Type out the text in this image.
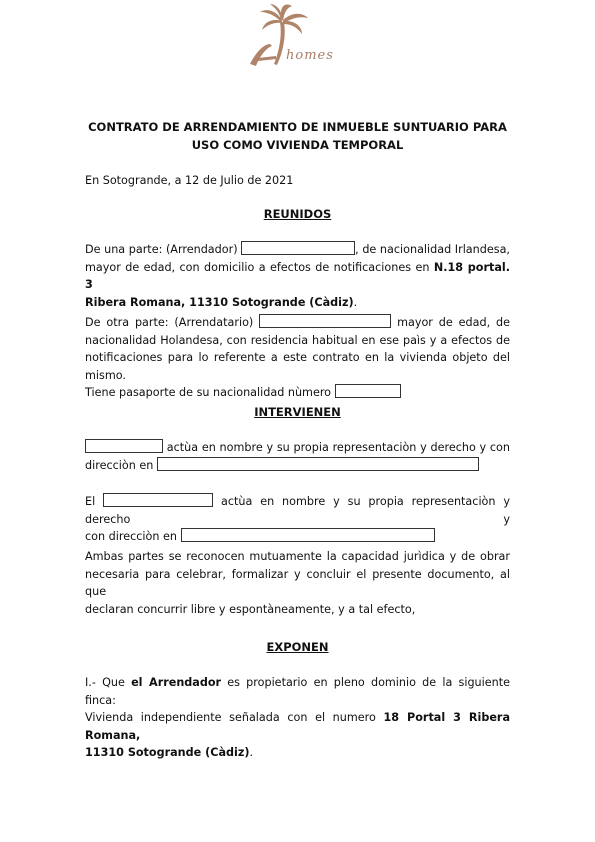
homes
CONTRATO DE ARRENDAMIENTO DE INMUEBLE SUNTUARIO PARA
USO COMO VIVIENDA TEMPORAL
En Sotogrande, a 12 de Julio de 2021
REUNIDOS
De una parte: (Arrendador)	, de nacionalidad Irlandesa,
mayor de edad, con domicilio a efectos de notificaciones en N.18 portal. 3
Ribera Romana, 11310 Sotogrande (Càdiz).
De otra parte: (Arrendatario)	mayor de edad, de
nacionalidad Holandesa, con residencia habitual en ese paìs y a efectos de
notificaciones para lo referente a este contrato en la vivienda objeto del mismo.
Tiene pasaporte de su nacionalidad nùmero
INTERVIENEN
actùa en nombre y su propia representaciòn y derecho y con
direcciòn en
El	actùa en nombre y su propia representaciòn y derecho y
con direcciòn en
Ambas partes se reconocen mutuamente la capacidad jurìdica y de obrar
necesaria para celebrar, formalizar y concluir el presente documento, al que
declaran concurrir libre y espontàneamente, y a tal efecto,
EXPONEN
I.- Que el Arrendador es propietario en pleno dominio de la siguiente finca:
Vivienda independiente señalada con el numero 18 Portal 3 Ribera Romana,
11310 Sotogrande (Càdiz).
